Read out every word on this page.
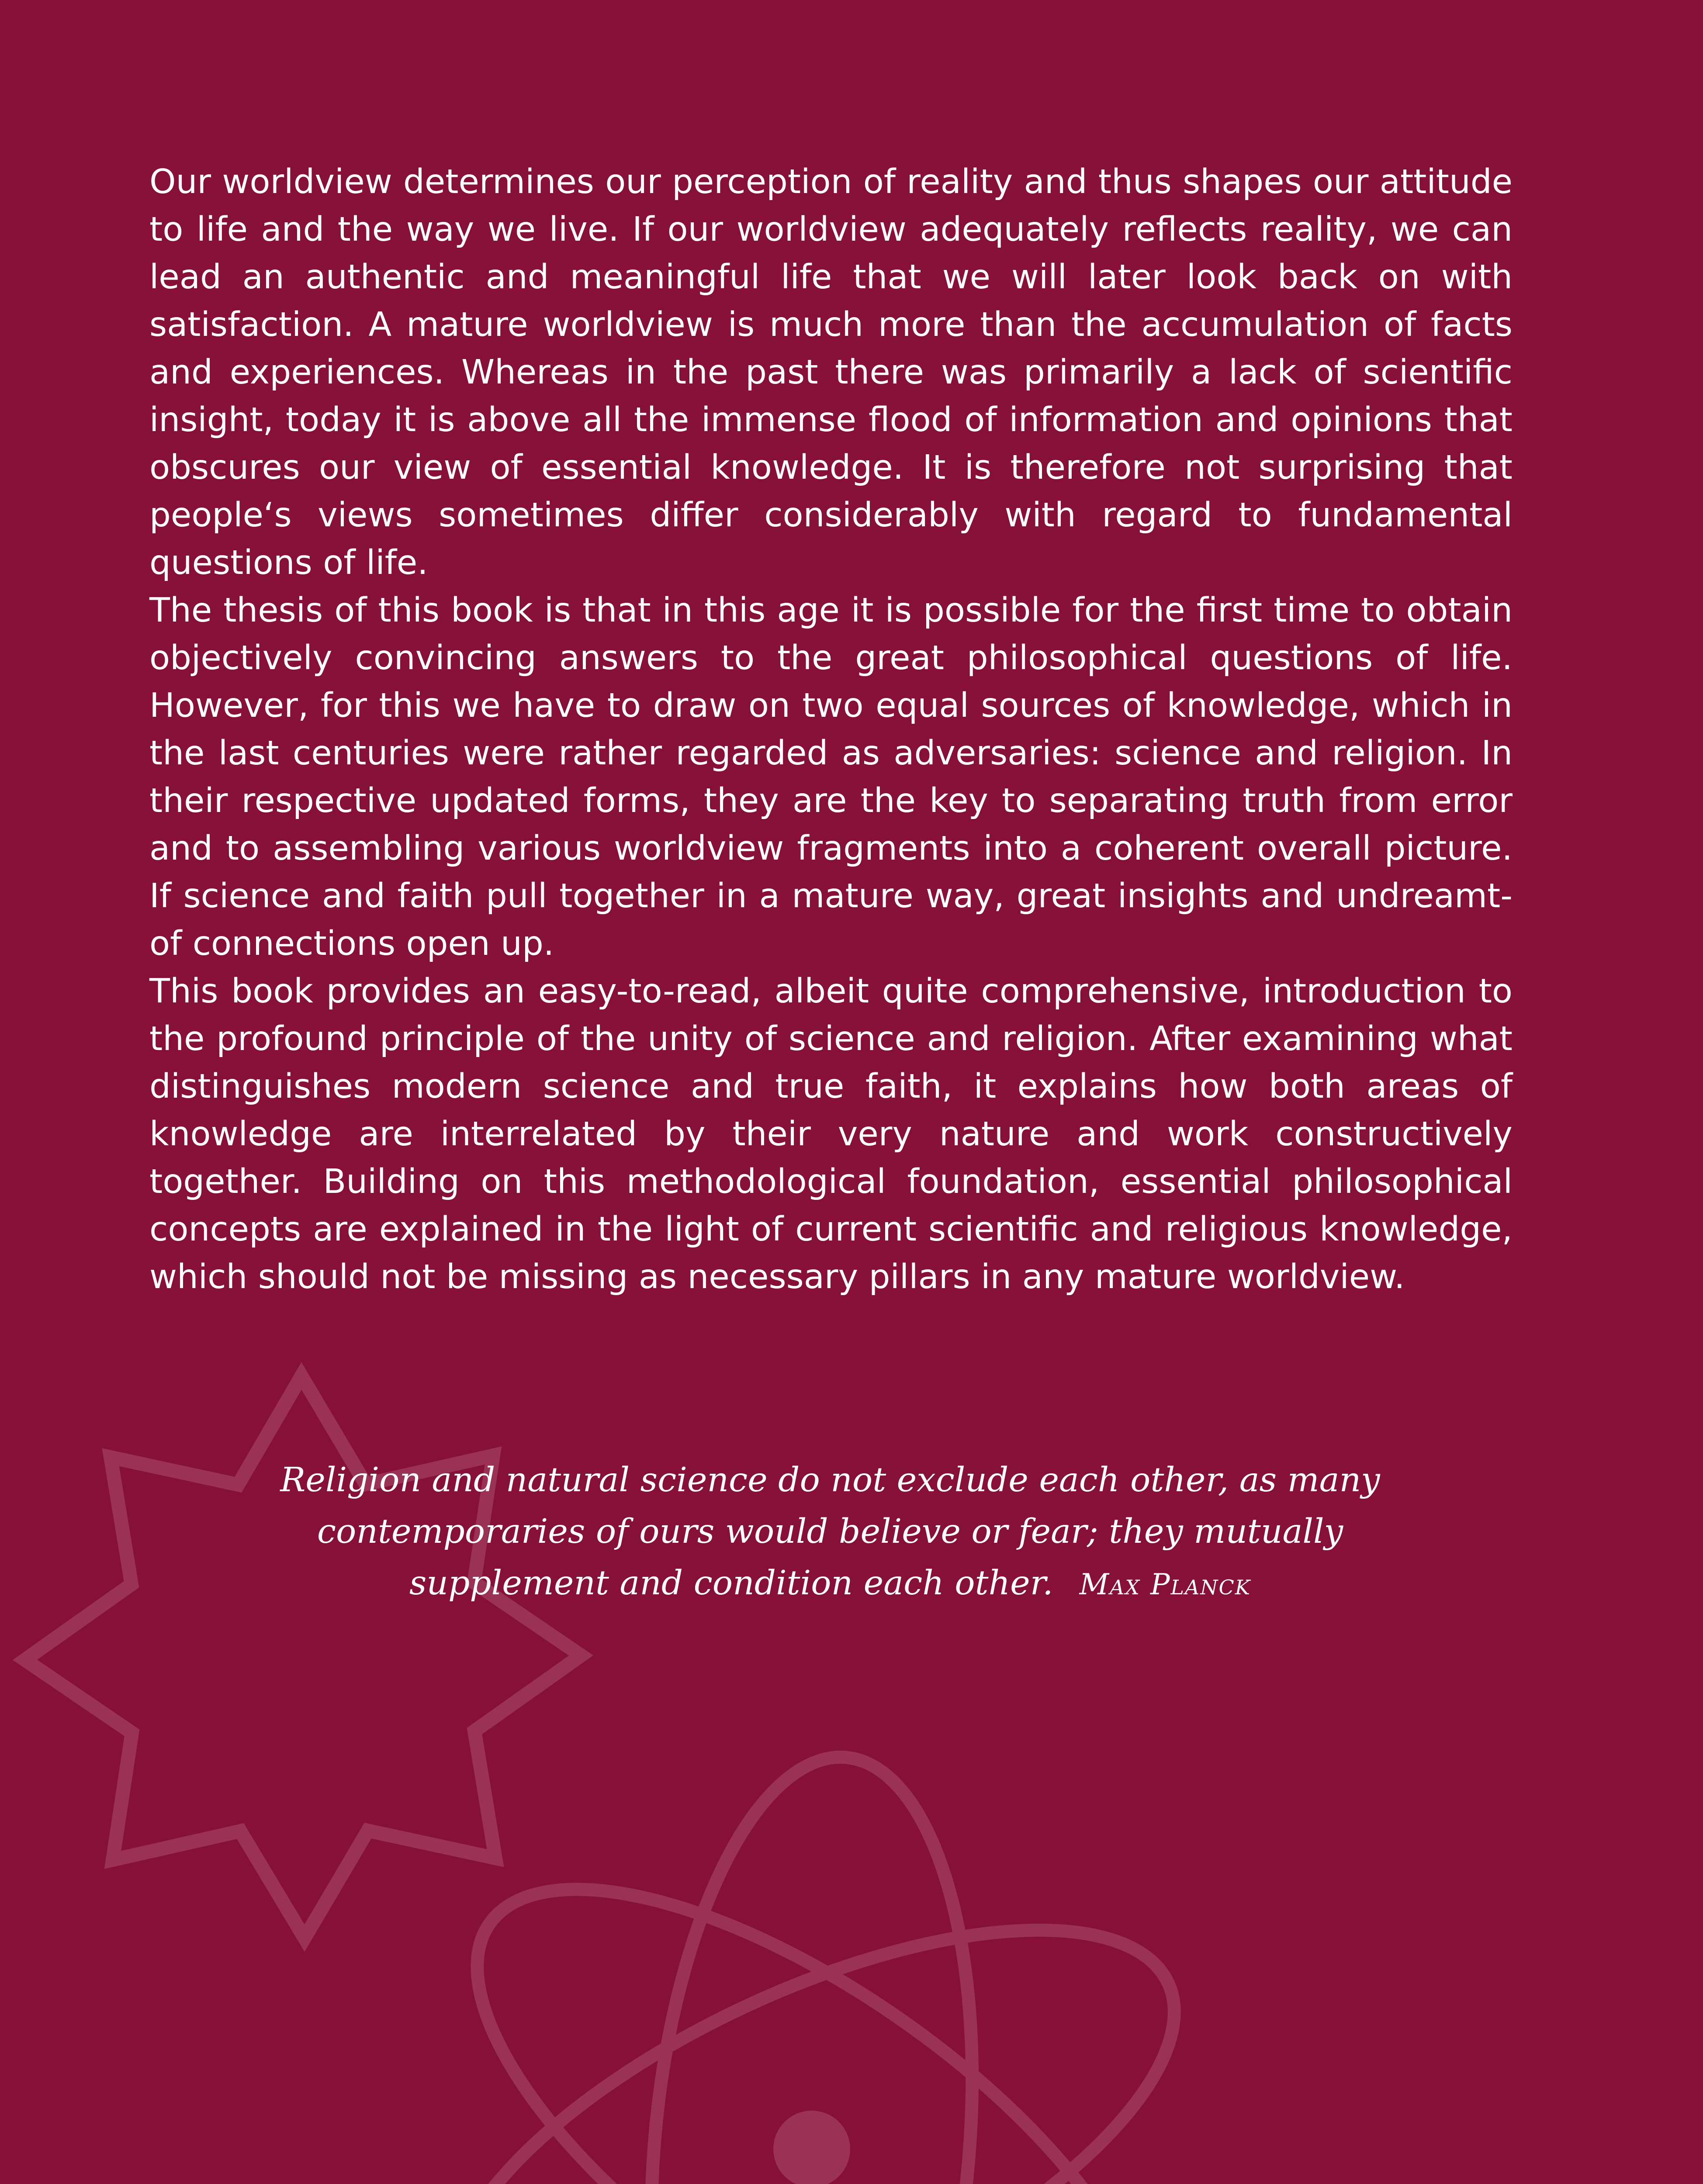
Our worldview determines our perception of reality and thus shapes our attitude to life and the way we live. If our worldview adequately reflects reality, we can lead an authentic and meaningful life that we will later look back on with satisfaction. A mature worldview is much more than the accumulation of facts and experiences. Whereas in the past there was primarily a lack of scientific insight, today it is above all the immense flood of information and opinions that obscures our view of essential knowledge. It is therefore not surprising that people‘s views sometimes differ considerably with regard to fundamental questions of life.

The thesis of this book is that in this age it is possible for the first time to obtain objectively convincing answers to the great philosophical questions of life. However, for this we have to draw on two equal sources of knowledge, which in the last centuries were rather regarded as adversaries: science and religion. In their respective updated forms, they are the key to separating truth from error and to assembling various worldview fragments into a coherent overall picture. If science and faith pull together in a mature way, great insights and undreamt-of connections open up.

This book provides an easy-to-read, albeit quite comprehensive, introduction to the profound principle of the unity of science and religion. After examining what distinguishes modern science and true faith, it explains how both areas of knowledge are interrelated by their very nature and work constructively together. Building on this methodological foundation, essential philosophical concepts are explained in the light of current scientific and religious knowledge, which should not be missing as necessary pillars in any mature worldview.

Religion and natural science do not exclude each other, as many contemporaries of ours would believe or fear; they mutually supplement and condition each other. Max Planck
